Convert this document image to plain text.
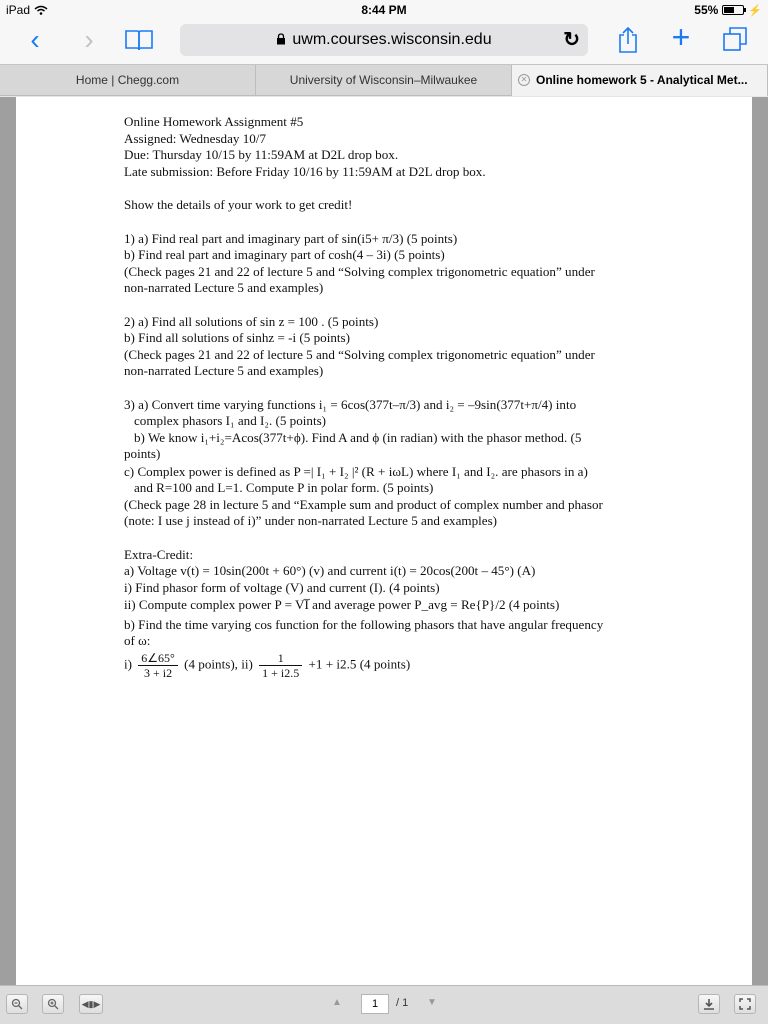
iPad	8:44 PM	55%	⚡
‹	›	uwm.courses.wisconsin.edu	↻	+
Home | Chegg.com	University of Wisconsin–Milwaukee	✕ Online homework 5 - Analytical Met...

Online Homework Assignment #5

Assigned: Wednesday 10/7

Due: Thursday 10/15 by 11:59AM at D2L drop box.

Late submission: Before Friday 10/16 by 11:59AM at D2L drop box.

Show the details of your work to get credit!

1) a) Find real part and imaginary part of sin(i5+ π/3) (5 points)

b) Find real part and imaginary part of cosh(4 – 3i) (5 points)

(Check pages 21 and 22 of lecture 5 and “Solving complex trigonometric equation” under

non-narrated Lecture 5 and examples)

2) a) Find all solutions of sin z = 100 . (5 points)

b) Find all solutions of sinhz = -i (5 points)

(Check pages 21 and 22 of lecture 5 and “Solving complex trigonometric equation” under

non-narrated Lecture 5 and examples)

3) a) Convert time varying functions i₁ = 6cos(377t–π/3) and i₂ = –9sin(377t+π/4) into

complex phasors I₁ and I₂. (5 points)

b) We know i₁+i₂=Acos(377t+ϕ). Find A and ϕ (in radian) with the phasor method. (5

points)

c) Complex power is defined as P =| I₁ + I₂ |² (R + iωL) where I₁ and I₂. are phasors in a)

and R=100 and L=1. Compute P in polar form. (5 points)

(Check page 28 in lecture 5 and “Example sum and product of complex number and phasor

(note: I use j instead of i)” under non-narrated Lecture 5 and examples)

Extra-Credit:

a) Voltage v(t) = 10sin(200t + 60°) (v) and current i(t) = 20cos(200t – 45°) (A)

i) Find phasor form of voltage (V) and current (I). (4 points)

ii) Compute complex power P = VI̅ and average power P_avg = Re{P}/2 (4 points)

b) Find the time varying cos function for the following phasors that have angular frequency

of ω:

$i) \frac{6\angle 65^\circ}{3 + i2} (4$ points), $ii) \frac{1}{1 + i2.5} +1 + i2.5$ (4 points)

◀▮▶	▲	1	/ 1 ▼
